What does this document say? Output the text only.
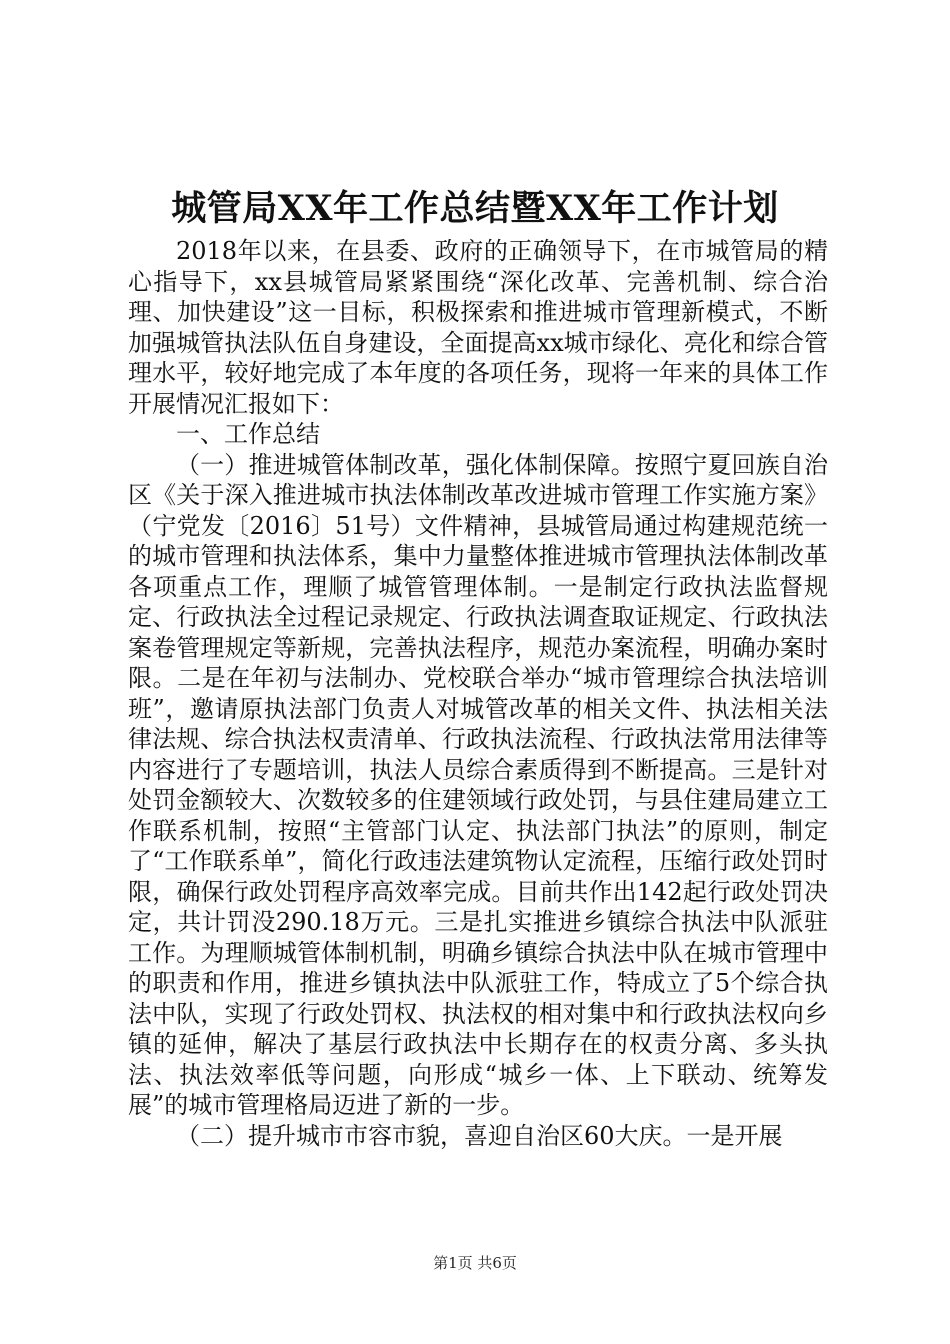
城管局XX年工作总结暨XX年工作计划

2018年以来，在县委、政府的正确领导下，在市城管局的精心指导下，xx县城管局紧紧围绕“深化改革、完善机制、综合治理、加快建设”这一目标，积极探索和推进城市管理新模式，不断加强城管执法队伍自身建设，全面提高xx城市绿化、亮化和综合管理水平，较好地完成了本年度的各项任务，现将一年来的具体工作开展情况汇报如下：

一、工作总结

（一）推进城管体制改革，强化体制保障。按照宁夏回族自治区《关于深入推进城市执法体制改革改进城市管理工作实施方案》（宁党发〔2016〕51号）文件精神，县城管局通过构建规范统一的城市管理和执法体系，集中力量整体推进城市管理执法体制改革各项重点工作，理顺了城管管理体制。一是制定行政执法监督规定、行政执法全过程记录规定、行政执法调查取证规定、行政执法案卷管理规定等新规，完善执法程序，规范办案流程，明确办案时限。二是在年初与法制办、党校联合举办“城市管理综合执法培训班”，邀请原执法部门负责人对城管改革的相关文件、执法相关法律法规、综合执法权责清单、行政执法流程、行政执法常用法律等内容进行了专题培训，执法人员综合素质得到不断提高。三是针对处罚金额较大、次数较多的住建领域行政处罚，与县住建局建立工作联系机制，按照“主管部门认定、执法部门执法”的原则，制定了“工作联系单”，简化行政违法建筑物认定流程，压缩行政处罚时限，确保行政处罚程序高效率完成。目前共作出142起行政处罚决定，共计罚没290.18万元。三是扎实推进乡镇综合执法中队派驻工作。为理顺城管体制机制，明确乡镇综合执法中队在城市管理中的职责和作用，推进乡镇执法中队派驻工作，特成立了5个综合执法中队，实现了行政处罚权、执法权的相对集中和行政执法权向乡镇的延伸，解决了基层行政执法中长期存在的权责分离、多头执法、执法效率低等问题，向形成“城乡一体、上下联动、统筹发展”的城市管理格局迈进了新的一步。

（二）提升城市市容市貌，喜迎自治区60大庆。一是开展

第1页 共6页
